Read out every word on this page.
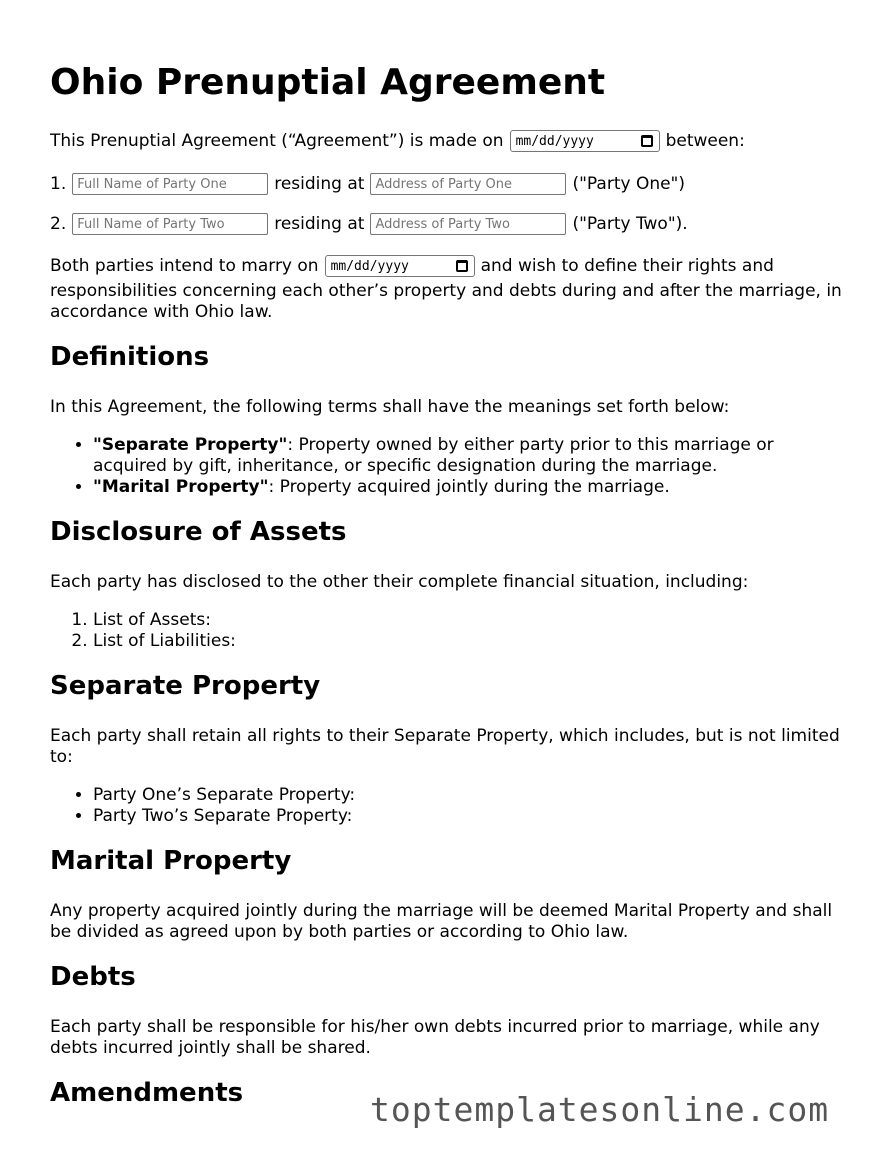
Ohio Prenuptial Agreement
This Prenuptial Agreement (“Agreement”) is made on mm/dd/yyyy	between:
1.
Full Name of Party One	residing at
Address of Party One	("Party One")
2.
Full Name of Party Two	residing at
Address of Party Two	("Party Two").
Both parties intend to marry on mm/dd/yyyy	and wish to define their rights and

responsibilities concerning each other’s property and debts during and after the marriage, in accordance with Ohio law.

Definitions

In this Agreement, the following terms shall have the meanings set forth below:

• "Separate Property": Property owned by either party prior to this marriage or acquired by gift, inheritance, or specific designation during the marriage.
• "Marital Property": Property acquired jointly during the marriage.
Disclosure of Assets

Each party has disclosed to the other their complete financial situation, including:

1. List of Assets:
2. List of Liabilities:
Separate Property

Each party shall retain all rights to their Separate Property, which includes, but is not limited to:

• Party One’s Separate Property:
• Party Two’s Separate Property:
Marital Property

Any property acquired jointly during the marriage will be deemed Marital Property and shall be divided as agreed upon by both parties or according to Ohio law.

Debts

Each party shall be responsible for his/her own debts incurred prior to marriage, while any debts incurred jointly shall be shared.

Amendments	toptemplatesonline.com
